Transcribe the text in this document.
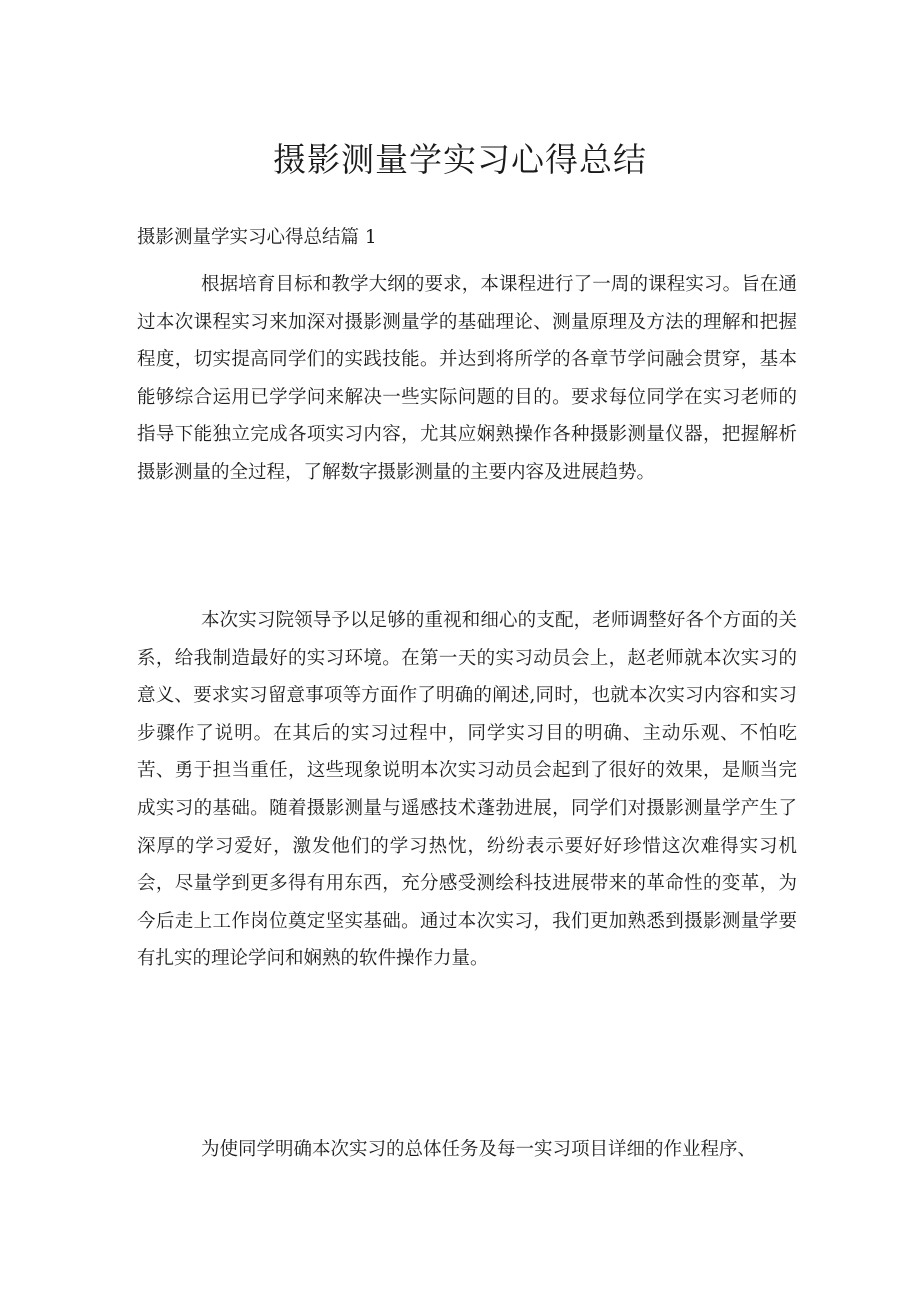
摄影测量学实习心得总结
摄影测量学实习心得总结篇 1

根据培育目标和教学大纲的要求，本课程进行了一周的课程实习。旨在通过本次课程实习来加深对摄影测量学的基础理论、测量原理及方法的理解和把握程度，切实提高同学们的实践技能。并达到将所学的各章节学问融会贯穿，基本能够综合运用已学学问来解决一些实际问题的目的。要求每位同学在实习老师的指导下能独立完成各项实习内容，尤其应娴熟操作各种摄影测量仪器，把握解析摄影测量的全过程，了解数字摄影测量的主要内容及进展趋势。

本次实习院领导予以足够的重视和细心的支配，老师调整好各个方面的关系，给我制造最好的实习环境。在第一天的实习动员会上，赵老师就本次实习的意义、要求实习留意事项等方面作了明确的阐述,同时，也就本次实习内容和实习步骤作了说明。在其后的实习过程中，同学实习目的明确、主动乐观、不怕吃苦、勇于担当重任，这些现象说明本次实习动员会起到了很好的效果，是顺当完成实习的基础。随着摄影测量与遥感技术蓬勃进展，同学们对摄影测量学产生了深厚的学习爱好，激发他们的学习热忱，纷纷表示要好好珍惜这次难得实习机会，尽量学到更多得有用东西，充分感受测绘科技进展带来的革命性的变革，为今后走上工作岗位奠定坚实基础。通过本次实习，我们更加熟悉到摄影测量学要有扎实的理论学问和娴熟的软件操作力量。

为使同学明确本次实习的总体任务及每一实习项目详细的作业程序、
